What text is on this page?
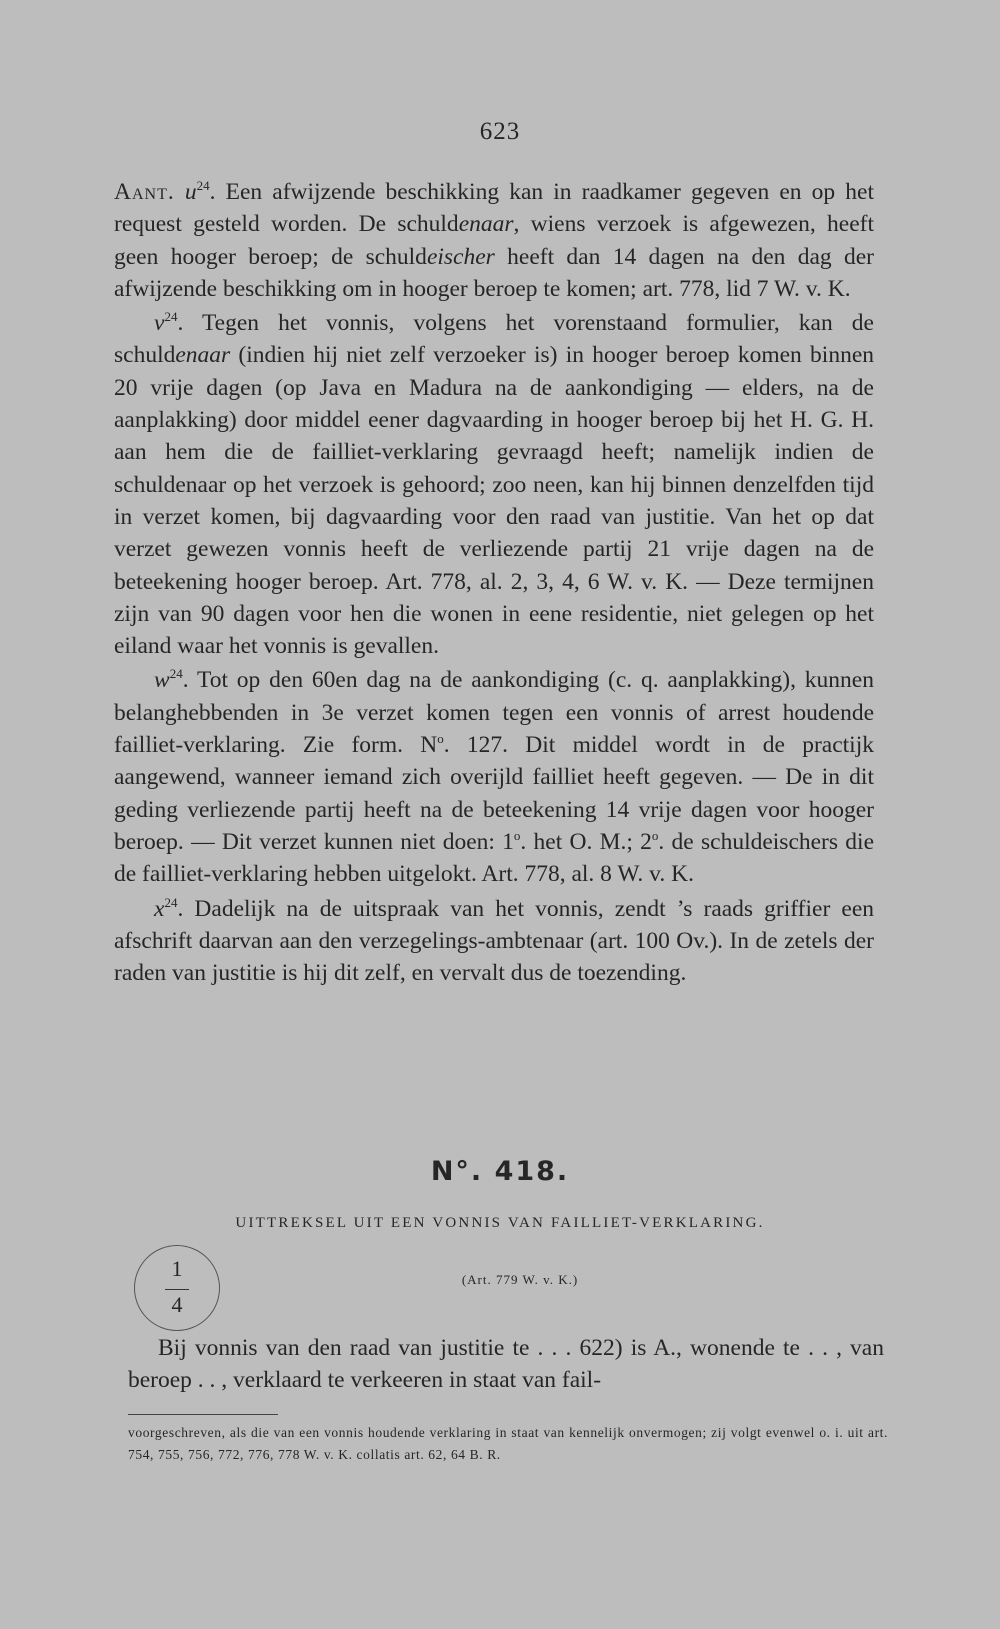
623

Aant. $u^{24}$. Een afwijzende beschikking kan in raadkamer gegeven en op het request gesteld worden. De schuldenaar, wiens verzoek is afgewezen, heeft geen hooger beroep; de schuldeischer heeft dan 14 dagen na den dag der afwijzende beschikking om in hooger beroep te komen; art. 778, lid 7 W. v. K.

$v^{24}$. Tegen het vonnis, volgens het vorenstaand formulier, kan de schuldenaar (indien hij niet zelf verzoeker is) in hooger beroep komen binnen 20 vrije dagen (op Java en Madura na de aankondiging — elders, na de aanplakking) door middel eener dagvaarding in hooger beroep bij het H. G. H. aan hem die de failliet-verklaring gevraagd heeft; namelijk indien de schuldenaar op het verzoek is gehoord; zoo neen, kan hij binnen denzelfden tijd in verzet komen, bij dagvaarding voor den raad van justitie. Van het op dat verzet gewezen vonnis heeft de verliezende partij 21 vrije dagen na de beteekening hooger beroep. Art. 778, al. 2, 3, 4, 6 W. v. K. — Deze termijnen zijn van 90 dagen voor hen die wonen in eene residentie, niet gelegen op het eiland waar het vonnis is gevallen.

$w^{24}$. Tot op den 60en dag na de aankondiging (c. q. aanplakking), kunnen belanghebbenden in 3e verzet komen tegen een vonnis of arrest houdende failliet-verklaring. Zie form. $N^o$. 127. Dit middel wordt in de practijk aangewend, wanneer iemand zich overijld failliet heeft gegeven. — De in dit geding verliezende partij heeft na de beteekening 14 vrije dagen voor hooger beroep. — Dit verzet kunnen niet doen: 1$^o$. het O. M.; 2$^o$. de schuldeischers die de failliet-verklaring hebben uitgelokt. Art. 778, al. 8 W. v. K.

$x^{24}$. Dadelijk na de uitspraak van het vonnis, zendt ’s raads griffier een afschrift daarvan aan den verzegelings-ambtenaar (art. 100 Ov.). In de zetels der raden van justitie is hij dit zelf, en vervalt dus de toezending.

N°. 418.
UITTREKSEL UIT EEN VONNIS VAN FAILLIET-VERKLARING.
1
4
(Art. 779 W. v. K.)

Bij vonnis van den raad van justitie te . . . 622) is A., wonende te . . , van beroep . . , verklaard te verkeeren in staat van fail-

voorgeschreven, als die van een vonnis houdende verklaring in staat van kennelijk onvermogen; zij volgt evenwel o. i. uit art. 754, 755, 756, 772, 776, 778 W. v. K. collatis art. 62, 64 B. R.
